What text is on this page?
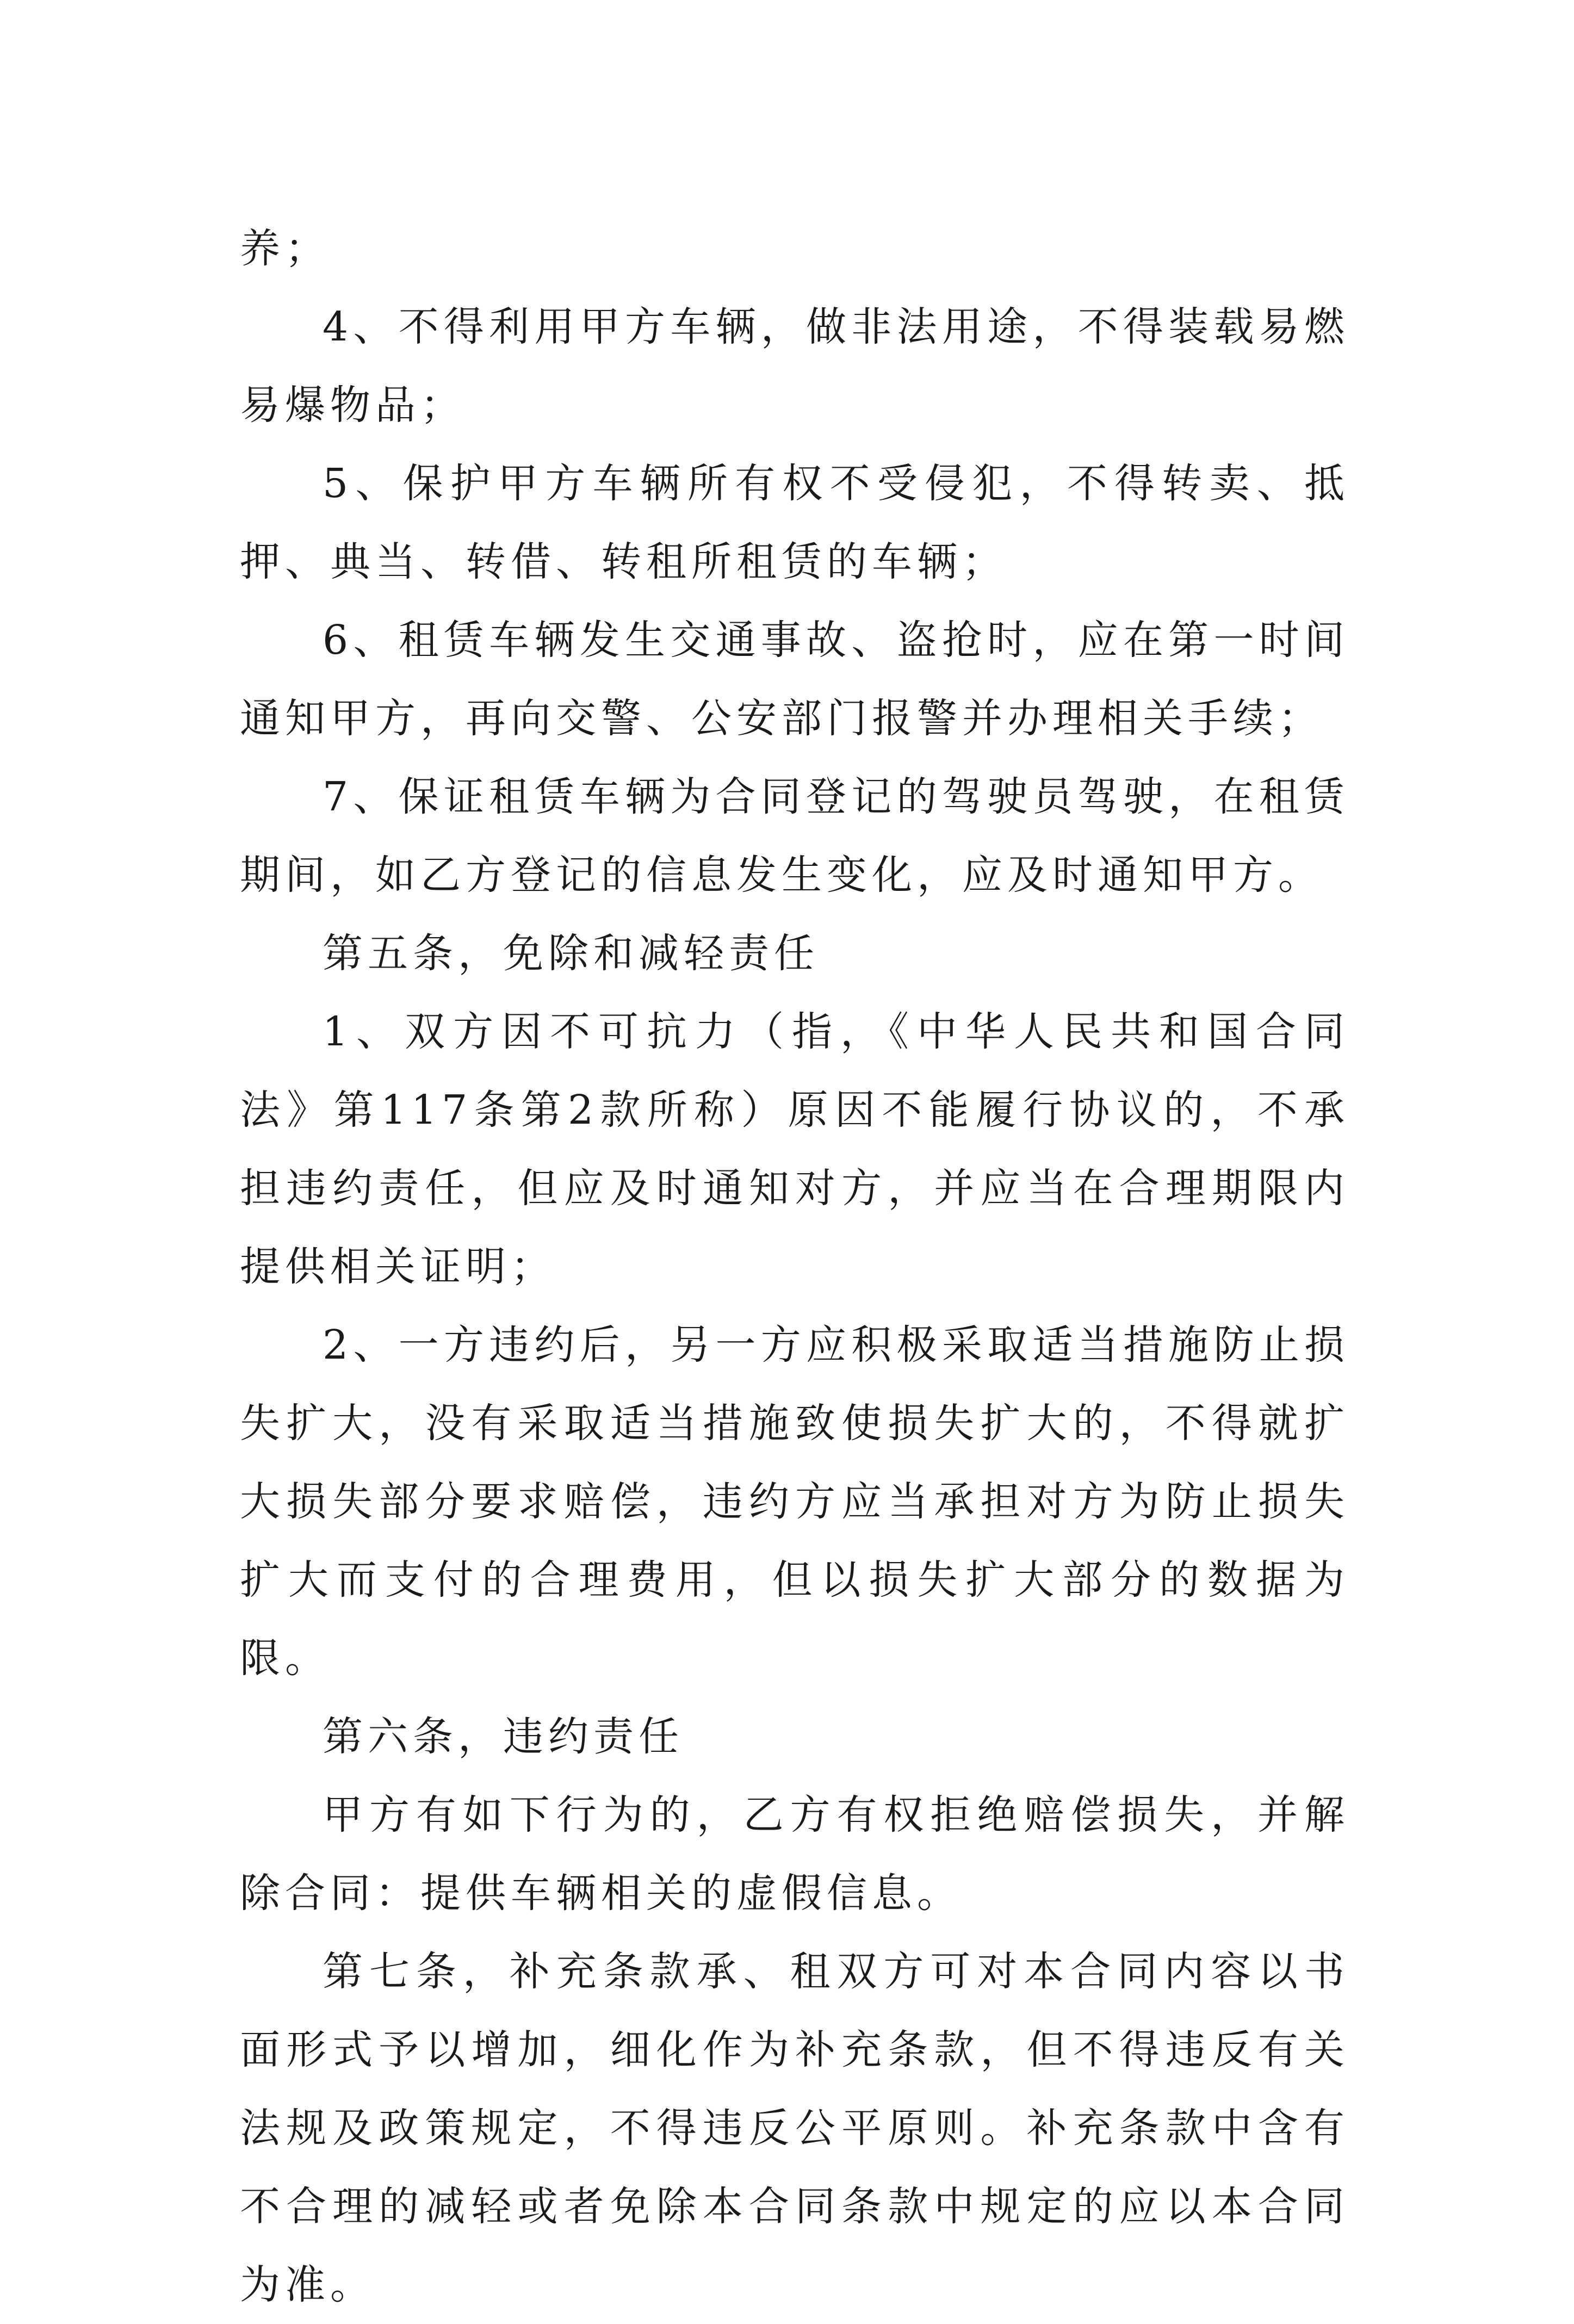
养；

4、不得利用甲方车辆，做非法用途，不得装载易燃易爆物品；

5、保护甲方车辆所有权不受侵犯，不得转卖、抵押、典当、转借、转租所租赁的车辆；

6、租赁车辆发生交通事故、盗抢时，应在第一时间通知甲方，再向交警、公安部门报警并办理相关手续；

7、保证租赁车辆为合同登记的驾驶员驾驶，在租赁期间，如乙方登记的信息发生变化，应及时通知甲方。

第五条，免除和减轻责任

1、双方因不可抗力（指，《中华人民共和国合同法》第117条第2款所称）原因不能履行协议的，不承担违约责任，但应及时通知对方，并应当在合理期限内提供相关证明；

2、一方违约后，另一方应积极采取适当措施防止损失扩大，没有采取适当措施致使损失扩大的，不得就扩大损失部分要求赔偿，违约方应当承担对方为防止损失扩大而支付的合理费用，但以损失扩大部分的数据为限。

第六条，违约责任

甲方有如下行为的，乙方有权拒绝赔偿损失，并解除合同：提供车辆相关的虚假信息。

第七条，补充条款承、租双方可对本合同内容以书面形式予以增加，细化作为补充条款，但不得违反有关法规及政策规定，不得违反公平原则。补充条款中含有不合理的减轻或者免除本合同条款中规定的应以本合同为准。
